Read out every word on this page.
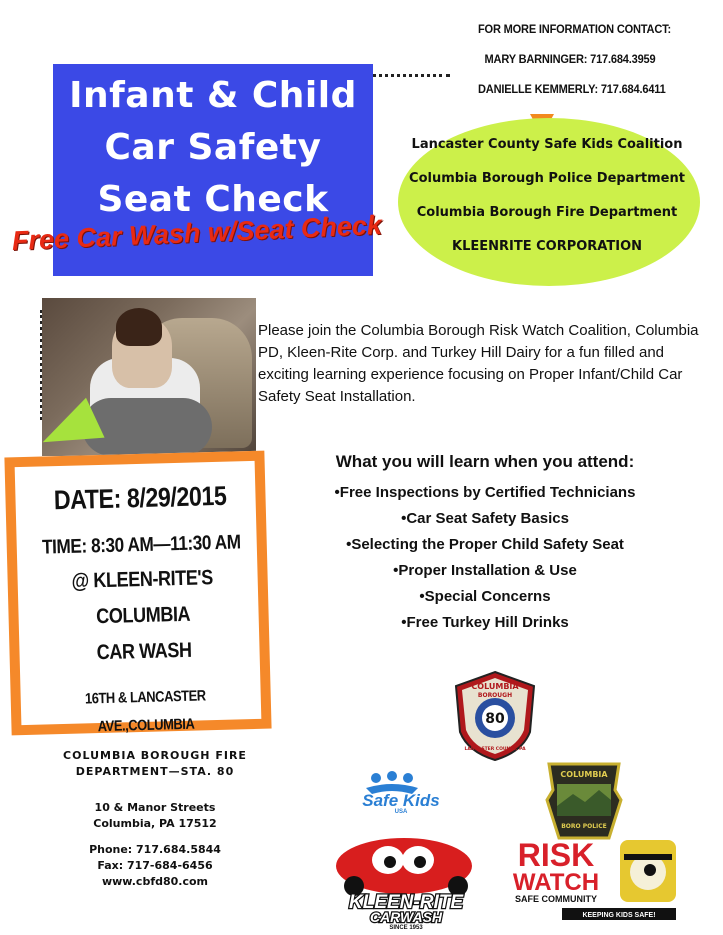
FOR MORE INFORMATION CONTACT:
MARY BARNINGER: 717.684.3959
DANIELLE KEMMERLY: 717.684.6411
Infant & Child
Car Safety
Seat Check
Free Car Wash w/Seat Check
Lancaster County Safe Kids Coalition
Columbia Borough Police Department
Columbia Borough Fire Department
KLEENRITE CORPORATION
Please join the Columbia Borough Risk Watch Coalition, Columbia PD, Kleen-Rite Corp. and Turkey Hill Dairy for a fun filled and exciting learning experience focusing on Proper Infant/Child Car Safety Seat Installation.
What you will learn when you attend:
•Free Inspections by Certified Technicians
•Car Seat Safety Basics
•Selecting the Proper Child Safety Seat
•Proper Installation & Use
•Special Concerns
•Free Turkey Hill Drinks
DATE: 8/29/2015
TIME: 8:30 AM—11:30 AM
@ KLEEN-RITE'S COLUMBIA
CAR WASH
16TH & LANCASTER AVE.,COLUMBIA
COLUMBIA BOROUGH FIRE
DEPARTMENT—STA. 80
10 & Manor Streets
Columbia, PA 17512
Phone: 717.684.5844
Fax: 717-684-6456
www.cbfd80.com
COLUMBIA
BOROUGH
80
LANCASTER COUNTY, PA
Safe Kids
USA
COLUMBIA
BORO POLICE
KLEEN-RITE
CARWASH
SINCE 1953
RISK
WATCH
SAFE COMMUNITY
KEEPING KIDS SAFE!
